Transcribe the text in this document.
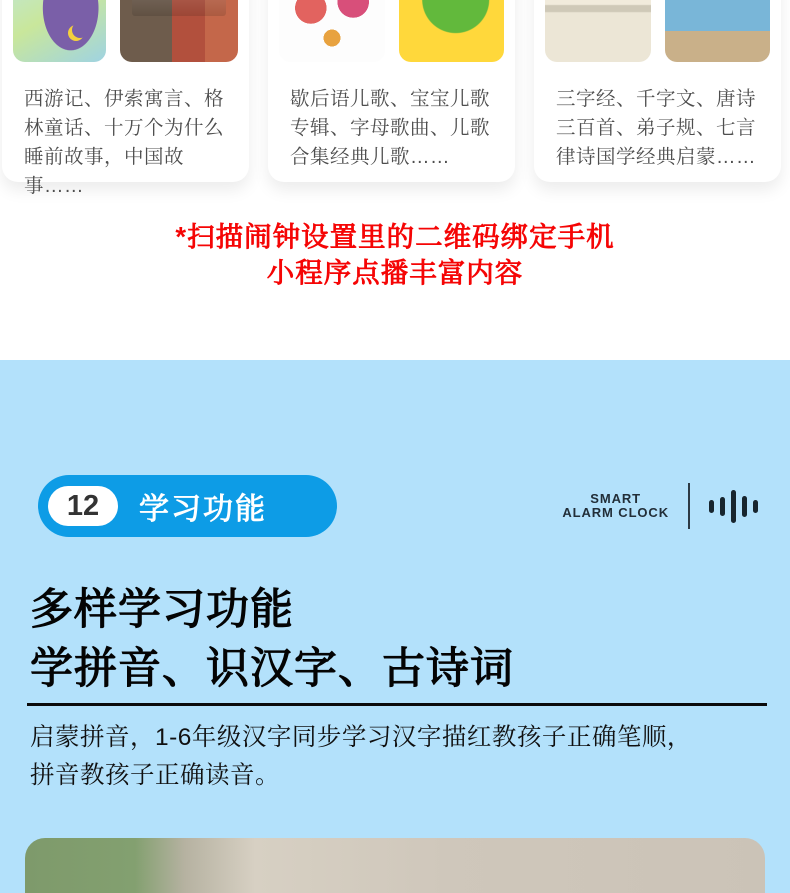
西游记、伊索寓言、格林童话、十万个为什么睡前故事，中国故事……
歇后语儿歌、宝宝儿歌专辑、字母歌曲、儿歌合集经典儿歌……
三字经、千字文、唐诗三百首、弟子规、七言律诗国学经典启蒙……
*扫描闹钟设置里的二维码绑定手机
小程序点播丰富内容
12	学习功能	SMART
ALARM CLOCK
多样学习功能
学拼音、识汉字、古诗词
启蒙拼音，1-6年级汉字同步学习汉字描红教孩子正确笔顺，
拼音教孩子正确读音。
